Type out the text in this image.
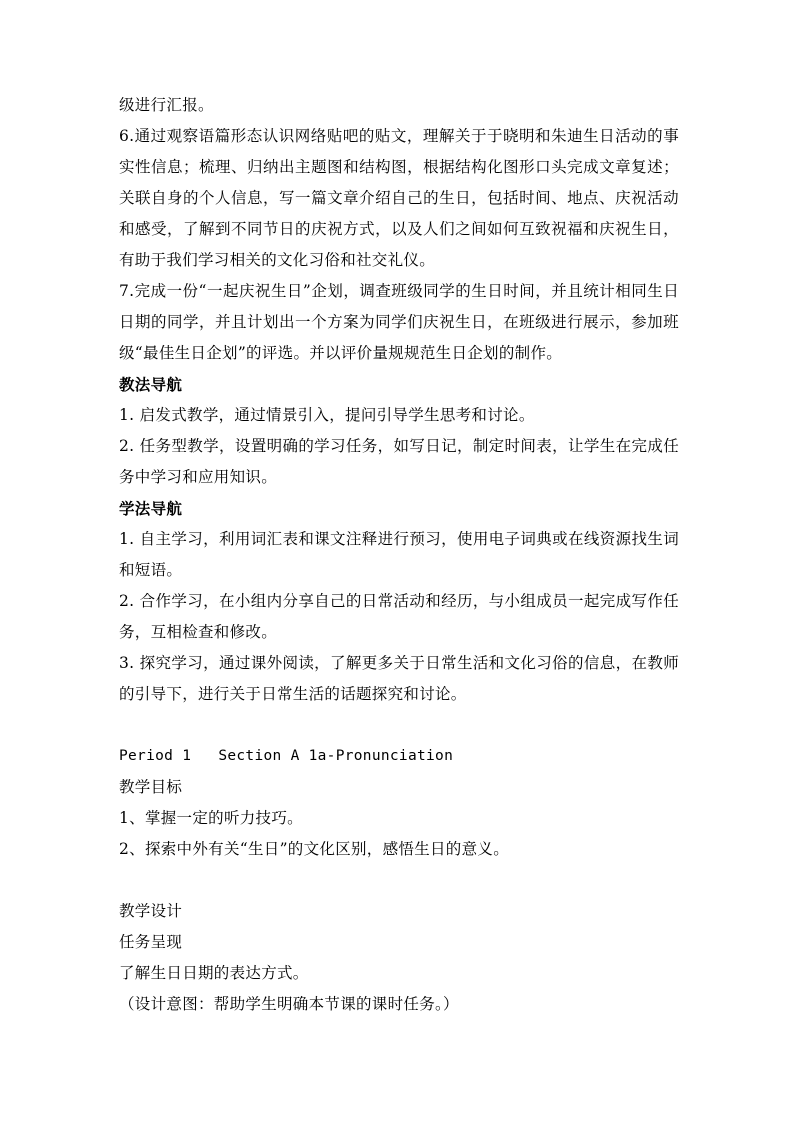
级进行汇报。

6.通过观察语篇形态认识网络贴吧的贴文，理解关于于晓明和朱迪生日活动的事实性信息；梳理、归纳出主题图和结构图，根据结构化图形口头完成文章复述；关联自身的个人信息，写一篇文章介绍自己的生日，包括时间、地点、庆祝活动和感受，了解到不同节日的庆祝方式，以及人们之间如何互致祝福和庆祝生日，有助于我们学习相关的文化习俗和社交礼仪。

7.完成一份“一起庆祝生日”企划，调查班级同学的生日时间，并且统计相同生日日期的同学，并且计划出一个方案为同学们庆祝生日，在班级进行展示，参加班级“最佳生日企划”的评选。并以评价量规规范生日企划的制作。

教法导航

1. 启发式教学，通过情景引入，提问引导学生思考和讨论。

2. 任务型教学，设置明确的学习任务，如写日记，制定时间表，让学生在完成任务中学习和应用知识。

学法导航

1. 自主学习，利用词汇表和课文注释进行预习，使用电子词典或在线资源找生词和短语。

2. 合作学习，在小组内分享自己的日常活动和经历，与小组成员一起完成写作任务，互相检查和修改。

3. 探究学习，通过课外阅读，了解更多关于日常生活和文化习俗的信息，在教师的引导下，进行关于日常生活的话题探究和讨论。

Period 1   Section A 1a-Pronunciation

教学目标

1、掌握一定的听力技巧。

2、探索中外有关“生日”的文化区别，感悟生日的意义。

教学设计

任务呈现

了解生日日期的表达方式。

（设计意图：帮助学生明确本节课的课时任务。）
